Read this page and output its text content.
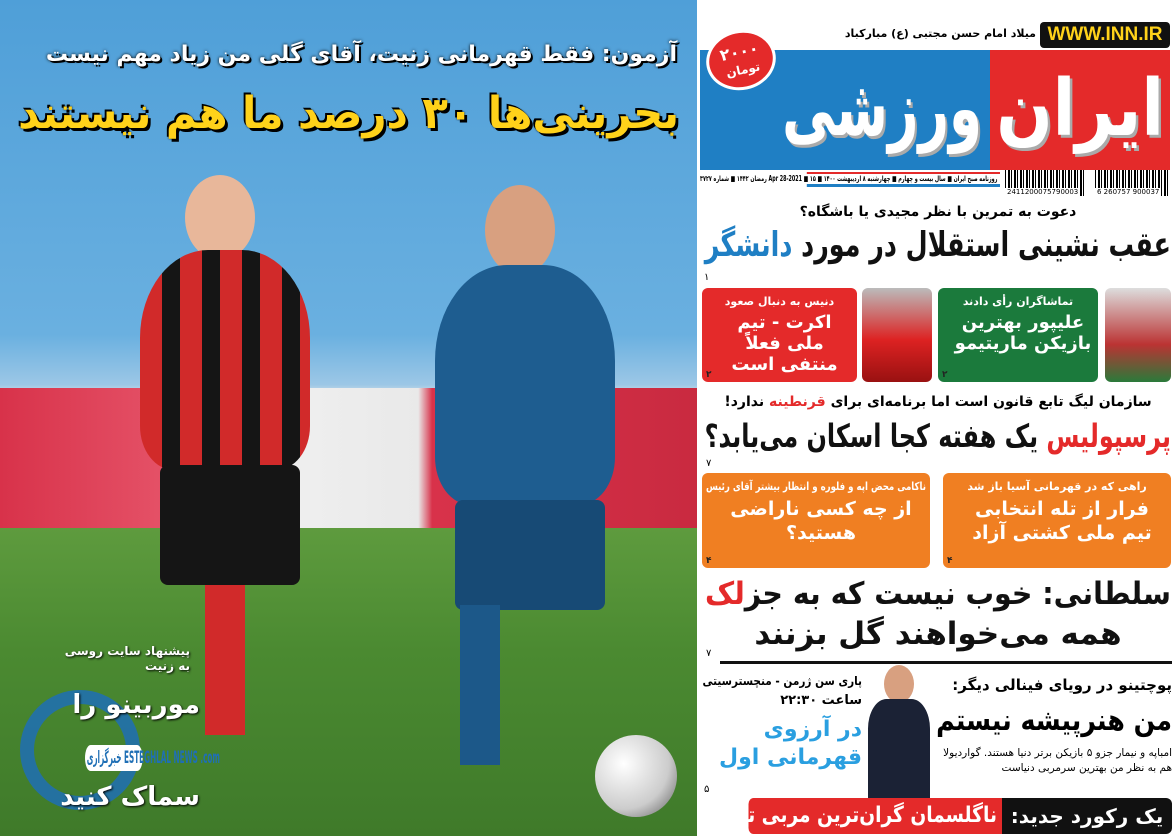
آزمون: فقط قهرمانی زنیت، آقای گلی من زیاد مهم نیست
بحرینی‌ها ۳۰ درصد ما هم نیستند
خبرگزاری ESTEGHLAL NEWS .com
پیشنهاد سایت روسی به زنیت
موربینو را
سماک کنید
WWW.INN.IR
میلاد امام حسن مجتبی (ع) مبارکباد
ورزشی ایران
۲۰۰۰
تومان
روزنامه صبح ایران ■ سال بیست و چهارم ■ چهارشنبه ۸ اردیبهشت ۱۴۰۰ ■ Apr 28-2021 ■ ۱۵ رمضان ۱۴۴۲ ■ شماره ۳۷۲۷
2411200075790003	6 260757 900037
دعوت به تمرین با نظر مجیدی یا باشگاه؟
عقب نشینی استقلال در مورد دانشگر
۱
تماشاگران رأی دادند
علیپور بهترین بازیکن ماریتیمو
۲
دنیس به دنبال صعود
اکرت - تیم ملی فعلاً منتفی است
۲
سازمان لیگ تابع قانون است اما برنامه‌ای برای قرنطینه ندارد!
پرسپولیس یک هفته کجا اسکان می‌یابد؟
۷
راهی که در قهرمانی آسیا باز شد
فرار از تله انتخابی تیم ملی کشتی آزاد
۴
ناکامی محض اپه و فلوره و انتظار بیشتر آقای رئیس
از چه کسی ناراضی هستید؟
۴
سلطانی: خوب نیست که به جزلک
همه می‌خواهند گل بزنند
۷
پاری سن ژرمن - منچسترسیتی
ساعت ۲۲:۳۰
در آرزوی قهرمانی اول
۵
پوچتینو در رویای فینالی دیگر:
من هنرپیشه نیستم
امباپه و نیمار جزو ۵ بازیکن برتر دنیا هستند. گواردیولا هم به نظر من بهترین سرمربی دنیاست
یک رکورد جدید:
ناگلسمان گران‌ترین مربی تاریخ!
